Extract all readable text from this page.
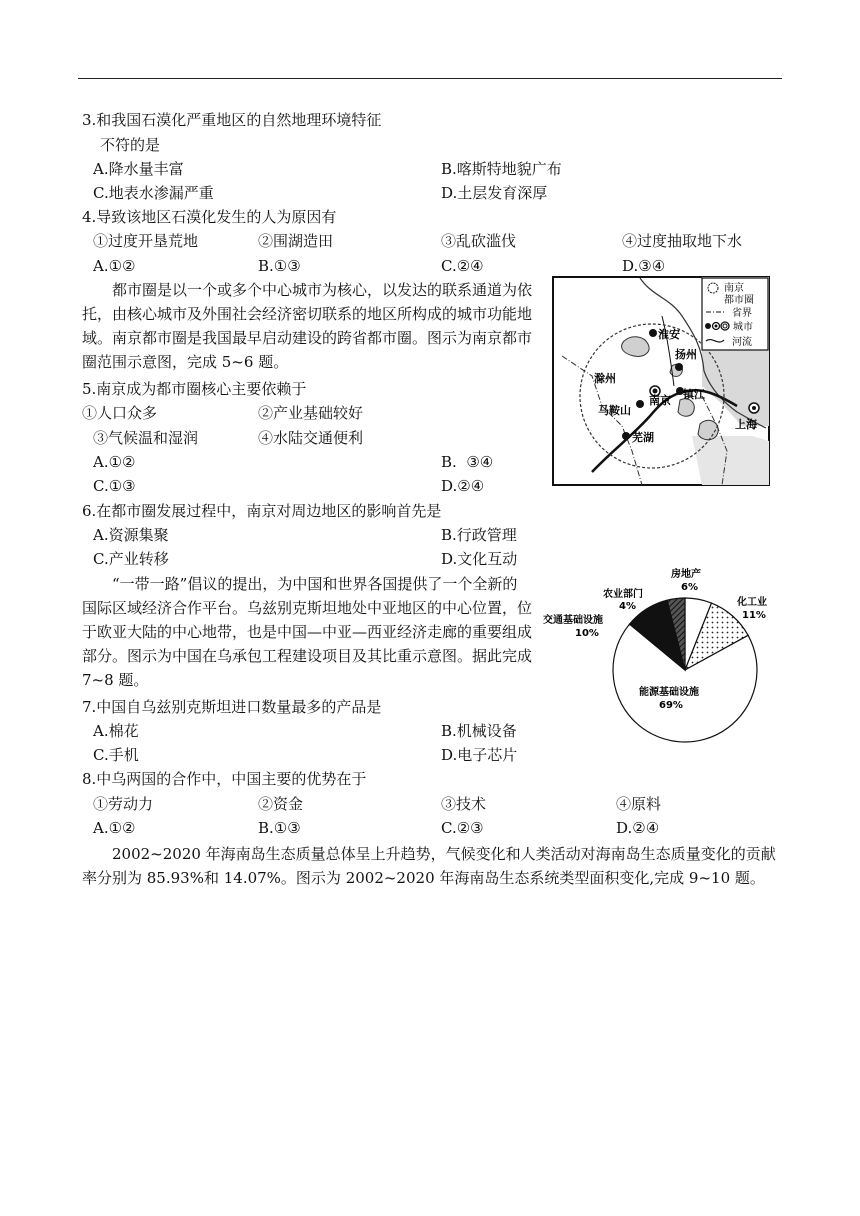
3.和我国石漠化严重地区的自然地理环境特征
不符的是
A.降水量丰富	B.喀斯特地貌广布
C.地表水渗漏严重	D.土层发育深厚
4.导致该地区石漠化发生的人为原因有
①过度开垦荒地	②围湖造田	③乱砍滥伐	④过度抽取地下水
A.①②	B.①③	C.②④	D.③④
都市圈是以一个或多个中心城市为核心，以发达的联系通道为依托，由核心城市及外围社会经济密切联系的地区所构成的城市功能地域。南京都市圈是我国最早启动建设的跨省都市圈。图示为南京都市圈范围示意图，完成 5~6 题。
5.南京成为都市圈核心主要依赖于
①人口众多	②产业基础较好
③气候温和湿润	④水陆交通便利
A.①②	B.  ③④
C.①③	D.②④
6.在都市圈发展过程中，南京对周边地区的影响首先是
A.资源集聚	B.行政管理
C.产业转移	D.文化互动
“一带一路”倡议的提出，为中国和世界各国提供了一个全新的国际区域经济合作平台。乌兹别克斯坦地处中亚地区的中心位置，位于欧亚大陆的中心地带，也是中国—中亚—西亚经济走廊的重要组成部分。图示为中国在乌承包工程建设项目及其比重示意图。据此完成 7~8 题。
7.中国自乌兹别克斯坦进口数量最多的产品是
A.棉花	B.机械设备
C.手机	D.电子芯片
8.中乌两国的合作中，中国主要的优势在于
①劳动力	②资金	③技术	④原料
A.①②	B.①③	C.②③	D.②④
2002~2020 年海南岛生态质量总体呈上升趋势，气候变化和人类活动对海南岛生态质量变化的贡献率分别为 85.93%和 14.07%。图示为 2002~2020 年海南岛生态系统类型面积变化,完成 9~10 题。
淮安
扬州
滁州
南京 镇江
马鞍山
芜湖
上海
南京
都市圈
省界
城市
河流
房地产
6%
化工业
11%
农业部门
4%
交通基础设施
10%
能源基础设施
69%
